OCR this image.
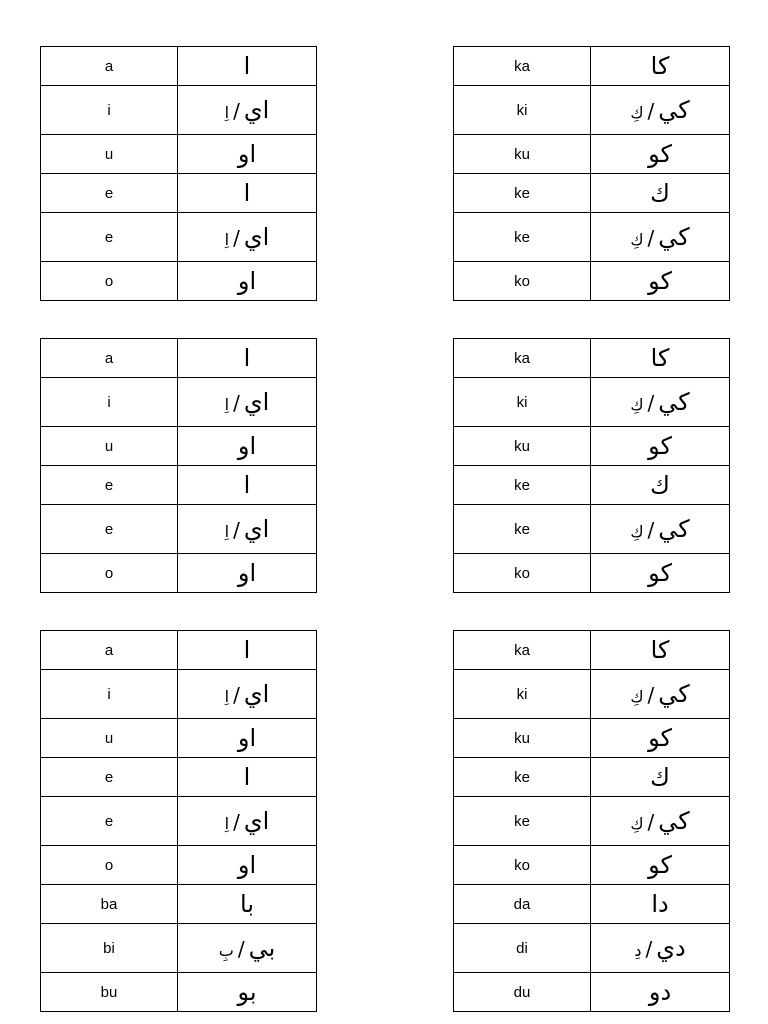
a	ا
i	اي/اِ
u	او
e	ا
e	اي/اِ
o	او
ka	كا
ki	كي/كِ
ku	كو
ke	ك
ke	كي/كِ
ko	كو
a	ا
i	اي/اِ
u	او
e	ا
e	اي/اِ
o	او
ka	كا
ki	كي/كِ
ku	كو
ke	ك
ke	كي/كِ
ko	كو
a	ا
i	اي/اِ
u	او
e	ا
e	اي/اِ
o	او
ba	با
bi	بي/بِ
bu	بو
ka	كا
ki	كي/كِ
ku	كو
ke	ك
ke	كي/كِ
ko	كو
da	دا
di	دي/دِ
du	دو
